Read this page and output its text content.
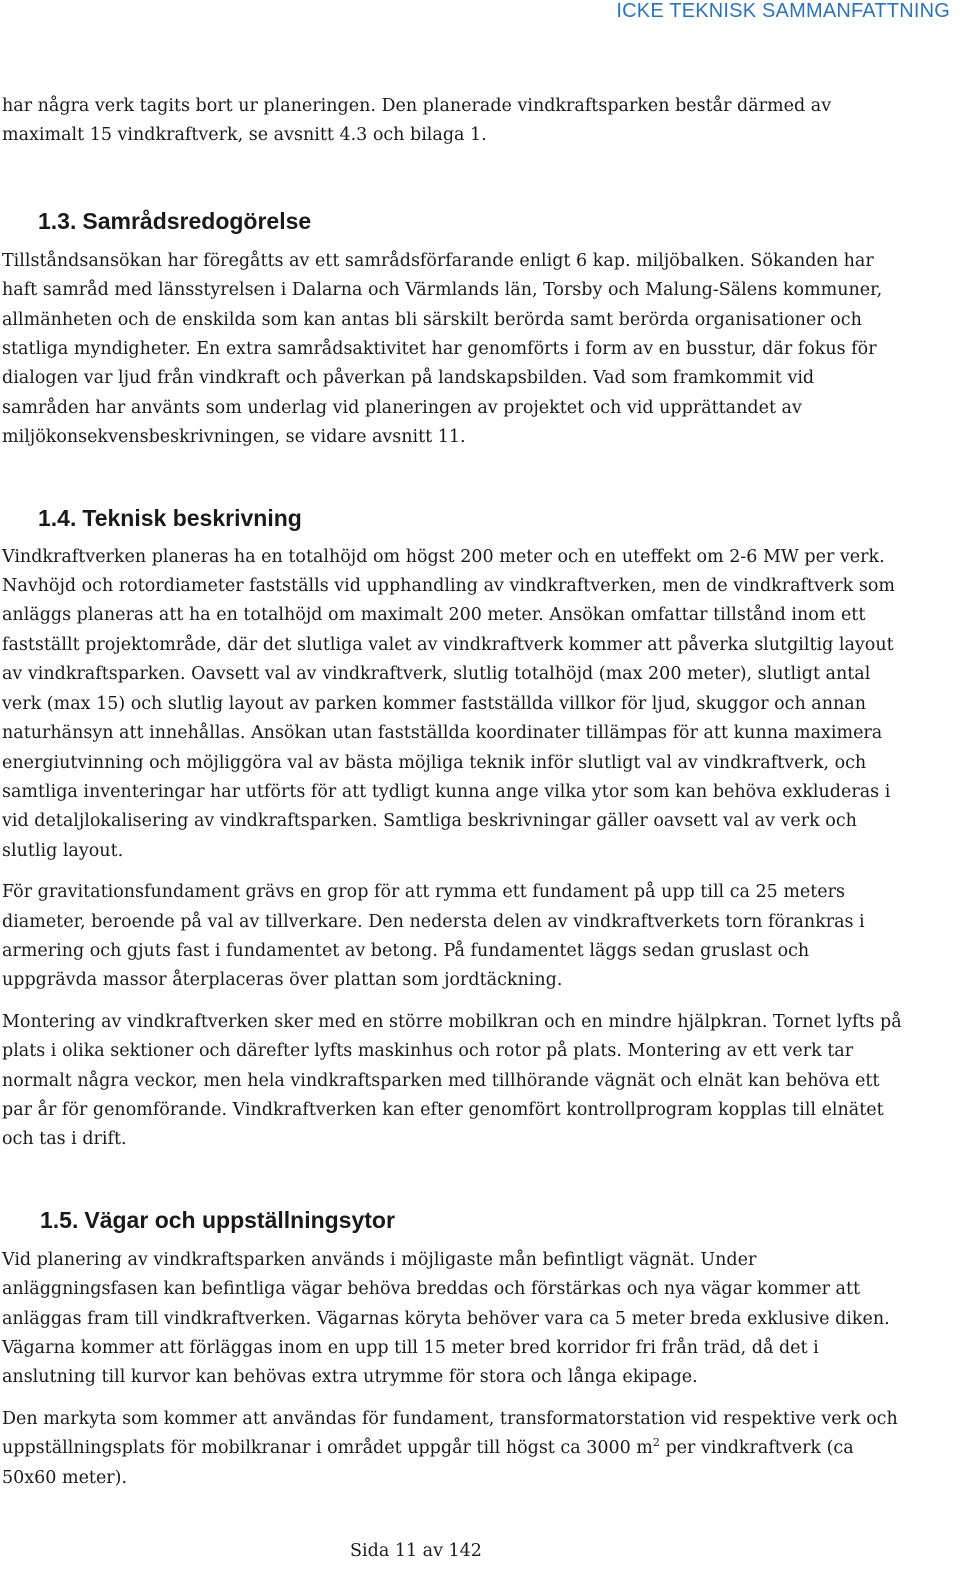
ICKE TEKNISK SAMMANFATTNING

har några verk tagits bort ur planeringen. Den planerade vindkraftsparken består därmed av maximalt 15 vindkraftverk, se avsnitt 4.3 och bilaga 1.

1.3. Samrådsredogörelse

Tillståndsansökan har föregåtts av ett samrådsförfarande enligt 6 kap. miljöbalken. Sökanden har haft samråd med länsstyrelsen i Dalarna och Värmlands län, Torsby och Malung-Sälens kommuner, allmänheten och de enskilda som kan antas bli särskilt berörda samt berörda organisationer och statliga myndigheter. En extra samrådsaktivitet har genomförts i form av en busstur, där fokus för dialogen var ljud från vindkraft och påverkan på landskapsbilden. Vad som framkommit vid samråden har använts som underlag vid planeringen av projektet och vid upprättandet av miljökonsekvensbeskrivningen, se vidare avsnitt 11.

1.4. Teknisk beskrivning

Vindkraftverken planeras ha en totalhöjd om högst 200 meter och en uteffekt om 2-6 MW per verk. Navhöjd och rotordiameter fastställs vid upphandling av vindkraftverken, men de vindkraftverk som anläggs planeras att ha en totalhöjd om maximalt 200 meter. Ansökan omfattar tillstånd inom ett fastställt projektområde, där det slutliga valet av vindkraftverk kommer att påverka slutgiltig layout av vindkraftsparken. Oavsett val av vindkraftverk, slutlig totalhöjd (max 200 meter), slutligt antal verk (max 15) och slutlig layout av parken kommer fastställda villkor för ljud, skuggor och annan naturhänsyn att innehållas. Ansökan utan fastställda koordinater tillämpas för att kunna maximera energiutvinning och möjliggöra val av bästa möjliga teknik inför slutligt val av vindkraftverk, och samtliga inventeringar har utförts för att tydligt kunna ange vilka ytor som kan behöva exkluderas i vid detaljlokalisering av vindkraftsparken. Samtliga beskrivningar gäller oavsett val av verk och slutlig layout.

För gravitationsfundament grävs en grop för att rymma ett fundament på upp till ca 25 meters diameter, beroende på val av tillverkare. Den nedersta delen av vindkraftverkets torn förankras i armering och gjuts fast i fundamentet av betong. På fundamentet läggs sedan gruslast och uppgrävda massor återplaceras över plattan som jordtäckning.

Montering av vindkraftverken sker med en större mobilkran och en mindre hjälpkran. Tornet lyfts på plats i olika sektioner och därefter lyfts maskinhus och rotor på plats. Montering av ett verk tar normalt några veckor, men hela vindkraftsparken med tillhörande vägnät och elnät kan behöva ett par år för genomförande. Vindkraftverken kan efter genomfört kontrollprogram kopplas till elnätet och tas i drift.

1.5. Vägar och uppställningsytor

Vid planering av vindkraftsparken används i möjligaste mån befintligt vägnät. Under anläggningsfasen kan befintliga vägar behöva breddas och förstärkas och nya vägar kommer att anläggas fram till vindkraftverken. Vägarnas köryta behöver vara ca 5 meter breda exklusive diken. Vägarna kommer att förläggas inom en upp till 15 meter bred korridor fri från träd, då det i anslutning till kurvor kan behövas extra utrymme för stora och långa ekipage.

Den markyta som kommer att användas för fundament, transformatorstation vid respektive verk och uppställningsplats för mobilkranar i området uppgår till högst ca 3000 $m^2$ per vindkraftverk (ca 50x60 meter).

Sida 11 av 142
